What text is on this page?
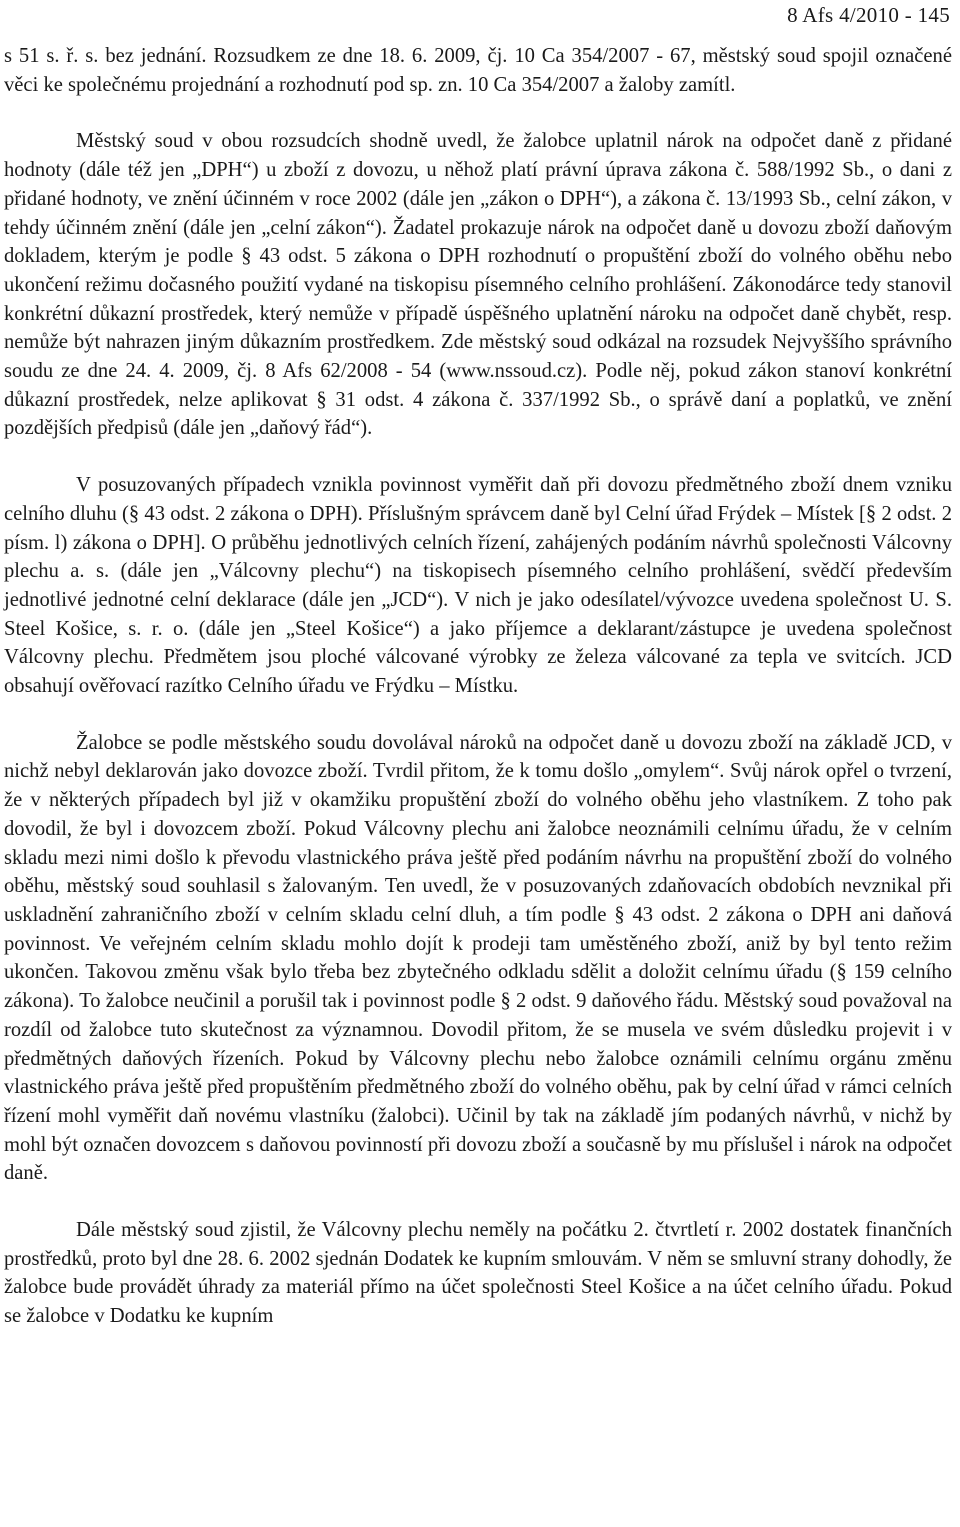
8 Afs 4/2010 - 145

s 51 s. ř. s. bez jednání. Rozsudkem ze dne 18. 6. 2009, čj. 10 Ca 354/2007 - 67, městský soud spojil označené věci ke společnému projednání a rozhodnutí pod sp. zn. 10 Ca 354/2007 a žaloby zamítl.

Městský soud v obou rozsudcích shodně uvedl, že žalobce uplatnil nárok na odpočet daně z přidané hodnoty (dále též jen „DPH“) u zboží z dovozu, u něhož platí právní úprava zákona č. 588/1992 Sb., o dani z přidané hodnoty, ve znění účinném v roce 2002 (dále jen „zákon o DPH“), a zákona č. 13/1993 Sb., celní zákon, v tehdy účinném znění (dále jen „celní zákon“). Žadatel prokazuje nárok na odpočet daně u dovozu zboží daňovým dokladem, kterým je podle § 43 odst. 5 zákona o DPH rozhodnutí o propuštění zboží do volného oběhu nebo ukončení režimu dočasného použití vydané na tiskopisu písemného celního prohlášení. Zákonodárce tedy stanovil konkrétní důkazní prostředek, který nemůže v případě úspěšného uplatnění nároku na odpočet daně chybět, resp. nemůže být nahrazen jiným důkazním prostředkem. Zde městský soud odkázal na rozsudek Nejvyššího správního soudu ze dne 24. 4. 2009, čj. 8 Afs 62/2008 - 54 (www.nssoud.cz). Podle něj, pokud zákon stanoví konkrétní důkazní prostředek, nelze aplikovat § 31 odst. 4 zákona č. 337/1992 Sb., o správě daní a poplatků, ve znění pozdějších předpisů (dále jen „daňový řád“).

V posuzovaných případech vznikla povinnost vyměřit daň při dovozu předmětného zboží dnem vzniku celního dluhu (§ 43 odst. 2 zákona o DPH). Příslušným správcem daně byl Celní úřad Frýdek – Místek [§ 2 odst. 2 písm. l) zákona o DPH]. O průběhu jednotlivých celních řízení, zahájených podáním návrhů společnosti Válcovny plechu a. s. (dále jen „Válcovny plechu“) na tiskopisech písemného celního prohlášení, svědčí především jednotlivé jednotné celní deklarace (dále jen „JCD“). V nich je jako odesílatel/vývozce uvedena společnost U. S. Steel Košice, s. r. o. (dále jen „Steel Košice“) a jako příjemce a deklarant/zástupce je uvedena společnost Válcovny plechu. Předmětem jsou ploché válcované výrobky ze železa válcované za tepla ve svitcích. JCD obsahují ověřovací razítko Celního úřadu ve Frýdku – Místku.

Žalobce se podle městského soudu dovolával nároků na odpočet daně u dovozu zboží na základě JCD, v nichž nebyl deklarován jako dovozce zboží. Tvrdil přitom, že k tomu došlo „omylem“. Svůj nárok opřel o tvrzení, že v některých případech byl již v okamžiku propuštění zboží do volného oběhu jeho vlastníkem. Z toho pak dovodil, že byl i dovozcem zboží. Pokud Válcovny plechu ani žalobce neoznámili celnímu úřadu, že v celním skladu mezi nimi došlo k převodu vlastnického práva ještě před podáním návrhu na propuštění zboží do volného oběhu, městský soud souhlasil s žalovaným. Ten uvedl, že v posuzovaných zdaňovacích obdobích nevznikal při uskladnění zahraničního zboží v celním skladu celní dluh, a tím podle § 43 odst. 2 zákona o DPH ani daňová povinnost. Ve veřejném celním skladu mohlo dojít k prodeji tam uměstěného zboží, aniž by byl tento režim ukončen. Takovou změnu však bylo třeba bez zbytečného odkladu sdělit a doložit celnímu úřadu (§ 159 celního zákona). To žalobce neučinil a porušil tak i povinnost podle § 2 odst. 9 daňového řádu. Městský soud považoval na rozdíl od žalobce tuto skutečnost za významnou. Dovodil přitom, že se musela ve svém důsledku projevit i v předmětných daňových řízeních. Pokud by Válcovny plechu nebo žalobce oznámili celnímu orgánu změnu vlastnického práva ještě před propuštěním předmětného zboží do volného oběhu, pak by celní úřad v rámci celních řízení mohl vyměřit daň novému vlastníku (žalobci). Učinil by tak na základě jím podaných návrhů, v nichž by mohl být označen dovozcem s daňovou povinností při dovozu zboží a současně by mu příslušel i nárok na odpočet daně.

Dále městský soud zjistil, že Válcovny plechu neměly na počátku 2. čtvrtletí r. 2002 dostatek finančních prostředků, proto byl dne 28. 6. 2002 sjednán Dodatek ke kupním smlouvám. V něm se smluvní strany dohodly, že žalobce bude provádět úhrady za materiál přímo na účet společnosti Steel Košice a na účet celního úřadu. Pokud se žalobce v Dodatku ke kupním
